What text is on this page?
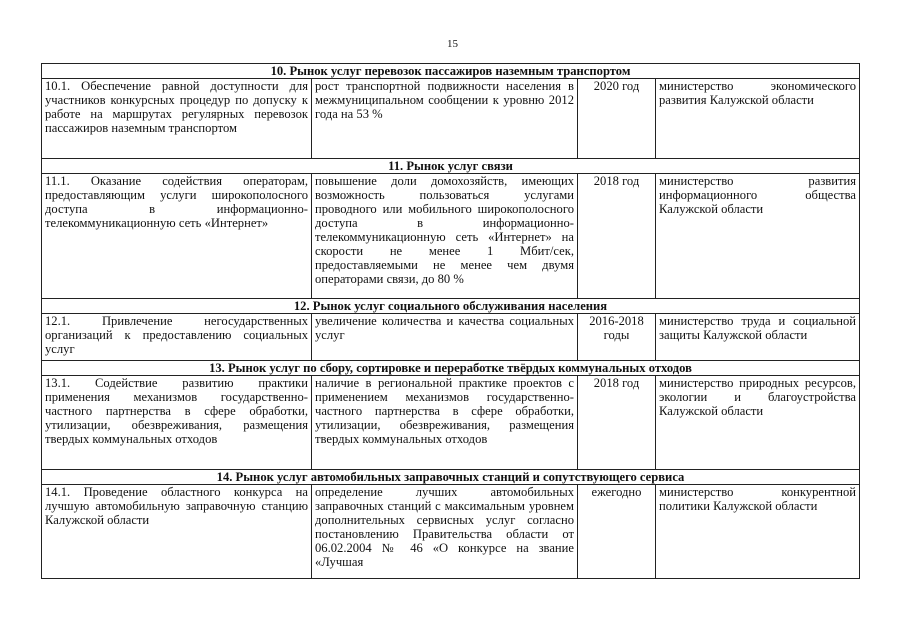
15
10. Рынок услуг перевозок пассажиров наземным транспортом			
10.1. Обеспечение равной доступности для участников конкурсных процедур по допуску к работе на маршрутах регулярных перевозок пассажиров наземным транспортом	рост транспортной подвижности населения в межмуниципальном сообщении к уровню 2012 года на 53 %	2020 год	министерство экономического развития Калужской области
11. Рынок услуг связи			
11.1. Оказание содействия операторам, предоставляющим услуги широкополосного доступа в информационно-телекоммуникационную сеть «Интернет»	повышение доли домохозяйств, имеющих возможность пользоваться услугами проводного или мобильного широкополосного доступа в информационно-телекоммуникационную сеть «Интернет» на скорости не менее 1 Мбит/сек, предоставляемыми не менее чем двумя операторами связи, до 80 %	2018 год	министерство развития информационного общества Калужской области
12. Рынок услуг социального обслуживания населения			
12.1. Привлечение негосударственных организаций к предоставлению социальных услуг	увеличение количества и качества социальных услуг	2016-2018 годы	министерство труда и социальной защиты Калужской области
13. Рынок услуг по сбору, сортировке и переработке твёрдых коммунальных отходов			
13.1. Содействие развитию практики применения механизмов государственно-частного партнерства в сфере обработки, утилизации, обезвреживания, размещения твердых коммунальных отходов	наличие в региональной практике проектов с применением механизмов государственно-частного партнерства в сфере обработки, утилизации, обезвреживания, размещения твердых коммунальных отходов	2018 год	министерство природных ресурсов, экологии и благоустройства Калужской области
14. Рынок услуг автомобильных заправочных станций и сопутствующего сервиса			
14.1. Проведение областного конкурса на лучшую автомобильную заправочную станцию Калужской области	определение лучших автомобильных заправочных станций с максимальным уровнем дополнительных сервисных услуг согласно постановлению Правительства области от 06.02.2004 № 46 «О конкурсе на звание «Лучшая	ежегодно	министерство конкурентной политики Калужской области
